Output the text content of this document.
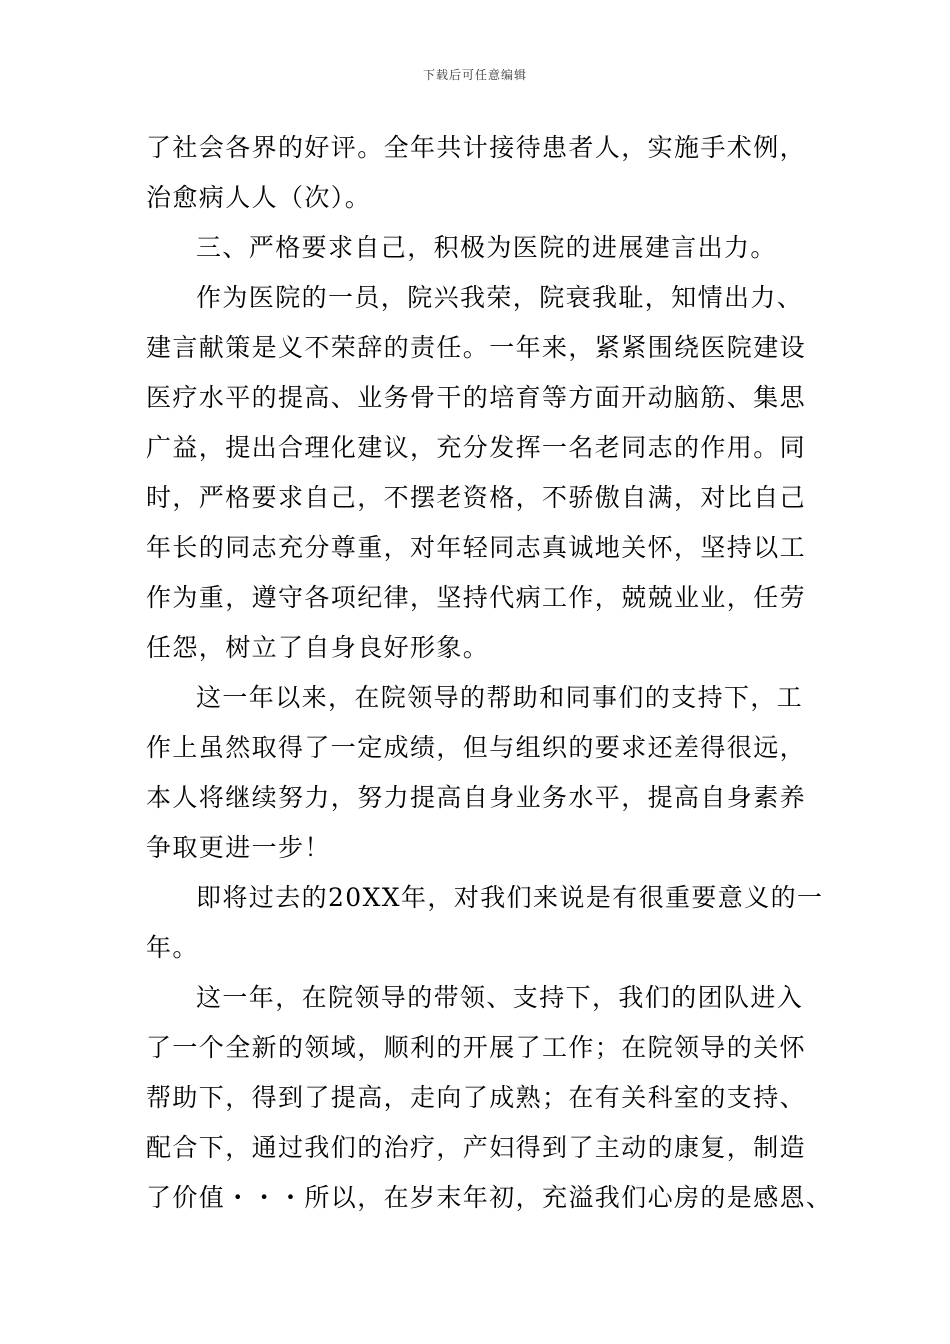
下载后可任意编辑
了社会各界的好评。全年共计接待患者人，实施手术例，
治愈病人人（次）。
三、严格要求自己，积极为医院的进展建言出力。
作为医院的一员，院兴我荣，院衰我耻，知情出力、
建言献策是义不荣辞的责任。一年来，紧紧围绕医院建设
医疗水平的提高、业务骨干的培育等方面开动脑筋、集思
广益，提出合理化建议，充分发挥一名老同志的作用。同
时，严格要求自己，不摆老资格，不骄傲自满，对比自己
年长的同志充分尊重，对年轻同志真诚地关怀，坚持以工
作为重，遵守各项纪律，坚持代病工作，兢兢业业，任劳
任怨，树立了自身良好形象。
这一年以来，在院领导的帮助和同事们的支持下，工
作上虽然取得了一定成绩，但与组织的要求还差得很远，
本人将继续努力，努力提高自身业务水平，提高自身素养
争取更进一步！
即将过去的20XX年，对我们来说是有很重要意义的一
年。
这一年，在院领导的带领、支持下，我们的团队进入
了一个全新的领域，顺利的开展了工作；在院领导的关怀
帮助下，得到了提高，走向了成熟；在有关科室的支持、
配合下，通过我们的治疗，产妇得到了主动的康复，制造
了价值・・・所以，在岁末年初，充溢我们心房的是感恩、
